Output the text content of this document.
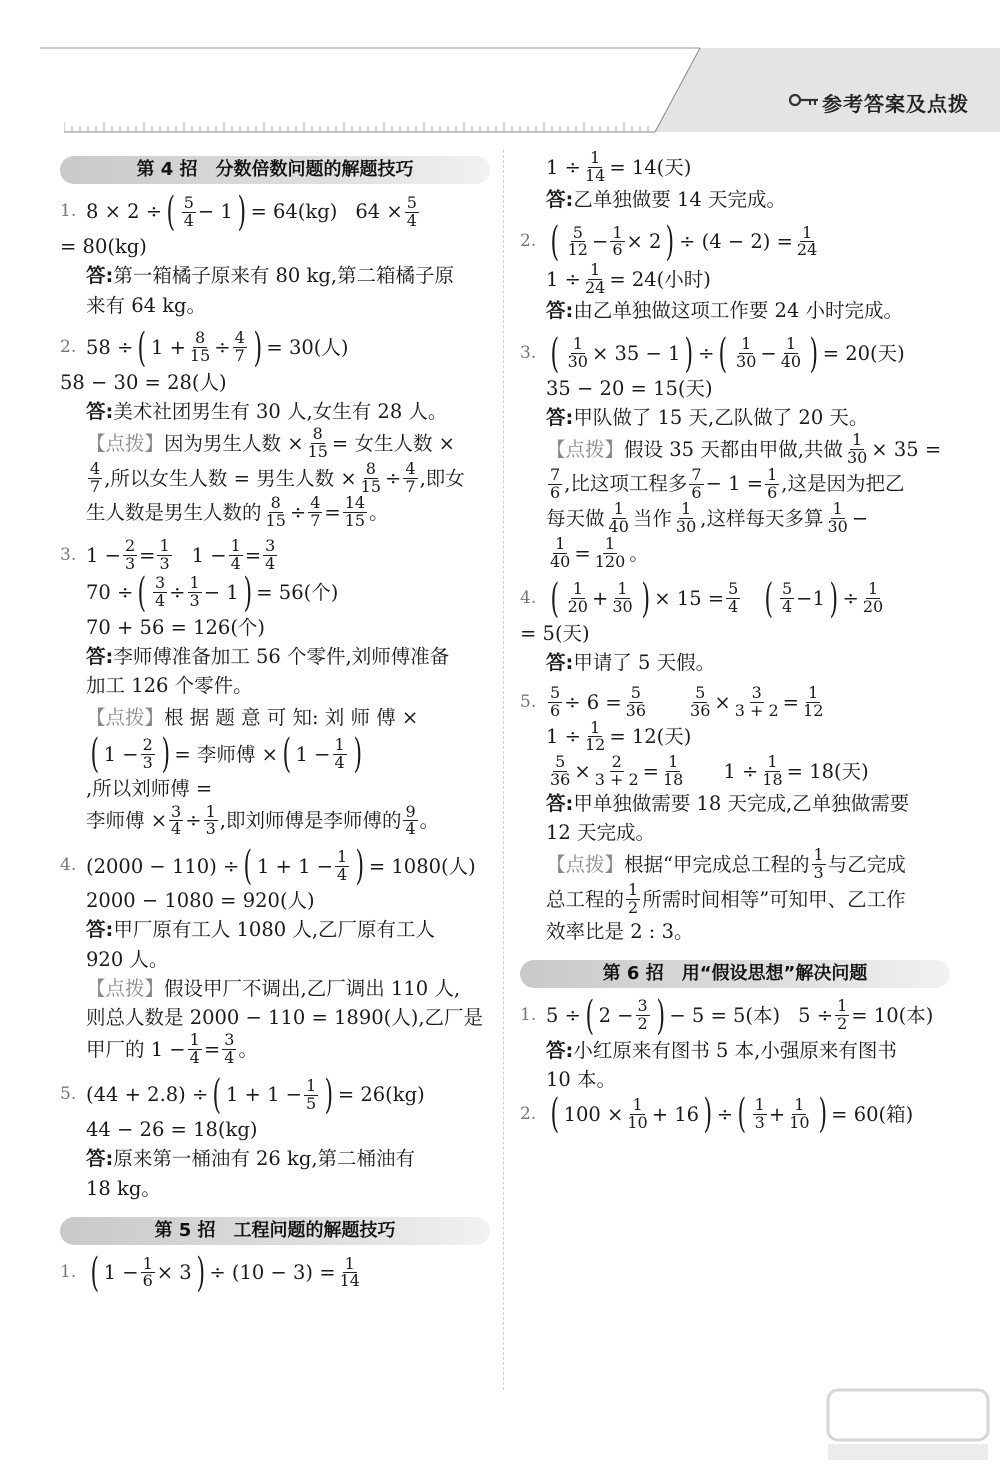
参考答案及点拨
第 4 招　分数倍数问题的解题技巧
1. 8 × 2 ÷ ( $\frac{5}{4} - 1$ ) = 64(kg) $64 \times \frac{5}{4}$
= 80(kg)
答:第一箱橘子原来有 80 kg,第二箱橘子原
来有 64 kg。
2. 58 ÷ ( $1 + \frac{8}{15} \div \frac{4}{7}$ ) = 30(人)
58 − 30 = 28(人)
答:美术社团男生有 30 人,女生有 28 人。
【点拨】 因为男生人数 × $\frac{8}{15}$ = 女生人数 ×
$\frac{4}{7}$ ,所以女生人数 = 男生人数 × $\frac{8}{15} \div \frac{4}{7}$ ,即女
生人数是男生人数的 $\frac{8}{15} \div \frac{4}{7} = \frac{14}{15}$ 。
3. $1 - \frac{2}{3} = \frac{1}{3} 1 - \frac{1}{4} = \frac{3}{4}$
70 ÷ ( $\frac{3}{4} \div \frac{1}{3} - 1$ ) = 56(个)
70 + 56 = 126(个)
答:李师傅准备加工 56 个零件,刘师傅准备
加工 126 个零件。
【点拨】 根 据 题 意 可 知: 刘 师 傅 ×
( $1 - \frac{2}{3}$ ) = 李师傅 × ( $1 - \frac{1}{4}$ )
,所以刘师傅 =
李师傅 × $\frac{3}{4} \div \frac{1}{3}$ ,即刘师傅是李师傅的 $\frac{9}{4}$ 。
4. (2000 − 110) ÷ ( $1 + 1 - \frac{1}{4}$ ) = 1080(人)
2000 − 1080 = 920(人)
答:甲厂原有工人 1080 人,乙厂原有工人
920 人。
【点拨】假设甲厂不调出,乙厂调出 110 人,
则总人数是 2000 − 110 = 1890(人),乙厂是
甲厂的 $1 - \frac{1}{4} = \frac{3}{4}$ 。
5. (44 + 2.8) ÷ ( $1 + 1 - \frac{1}{5}$ ) = 26(kg)
44 − 26 = 18(kg)
答:原来第一桶油有 26 kg,第二桶油有
18 kg。
第 5 招　工程问题的解题技巧
1. ( $1 - \frac{1}{6} \times 3$ ) ÷ $(10 - 3) = \frac{1}{14}$
$1 \div \frac{1}{14} = 14$(天)
答:乙单独做要 14 天完成。
2. ( $\frac{5}{12} - \frac{1}{6} \times 2$ ) ÷ $(4 - 2) = \frac{1}{24}$
$1 \div \frac{1}{24} = 24$(小时)
答:由乙单独做这项工作要 24 小时完成。
3. ( $\frac{1}{30} \times 35 - 1$ ) ÷ ( $\frac{1}{30} - \frac{1}{40}$ ) = 20(天)
35 − 20 = 15(天)
答:甲队做了 15 天,乙队做了 20 天。
【点拨】 假设 35 天都由甲做,共做 $\frac{1}{30} \times 35$ =
$\frac{7}{6}$ ,比这项工程多 $\frac{7}{6} - 1 = \frac{1}{6}$ ,这是因为把乙
每天做 $\frac{1}{40}$ 当作 $\frac{1}{30}$ ,这样每天多算 $\frac{1}{30}$ −
$\frac{1}{40} = \frac{1}{120}$ 。
4. ( $\frac{1}{20} + \frac{1}{30}$ ) × $15 = \frac{5}{4}$ ( $\frac{5}{4} -1$ ) ÷ $\frac{1}{20}$
= 5(天)
答:甲请了 5 天假。
5. $\frac{5}{6} \div 6 = \frac{5}{36}$	$\frac{5}{36} \times \frac{3}{3 + 2} = \frac{1}{12}$
$1 \div \frac{1}{12} = 12$(天)
$\frac{5}{36} \times \frac{2}{3 + 2} = \frac{1}{18} 1 \div \frac{1}{18} = 18$(天)
答:甲单独做需要 18 天完成,乙单独做需要
12 天完成。
【点拨】 根据“甲完成总工程的 $\frac{1}{3}$ 与乙完成
总工程的 $\frac{1}{2}$ 所需时间相等”可知甲、乙工作
效率比是 2 : 3。
第 6 招　用“假设思想”解决问题
1. 5 ÷ ( $2 - \frac{3}{2}$ ) − 5 = 5(本) $5 \div \frac{1}{2} = 10$(本)
答:小红原来有图书 5 本,小强原来有图书
10 本。
2. ( $100 \times \frac{1}{10} + 16$ ) ÷ ( $\frac{1}{3} + \frac{1}{10}$ ) = 60(箱)
